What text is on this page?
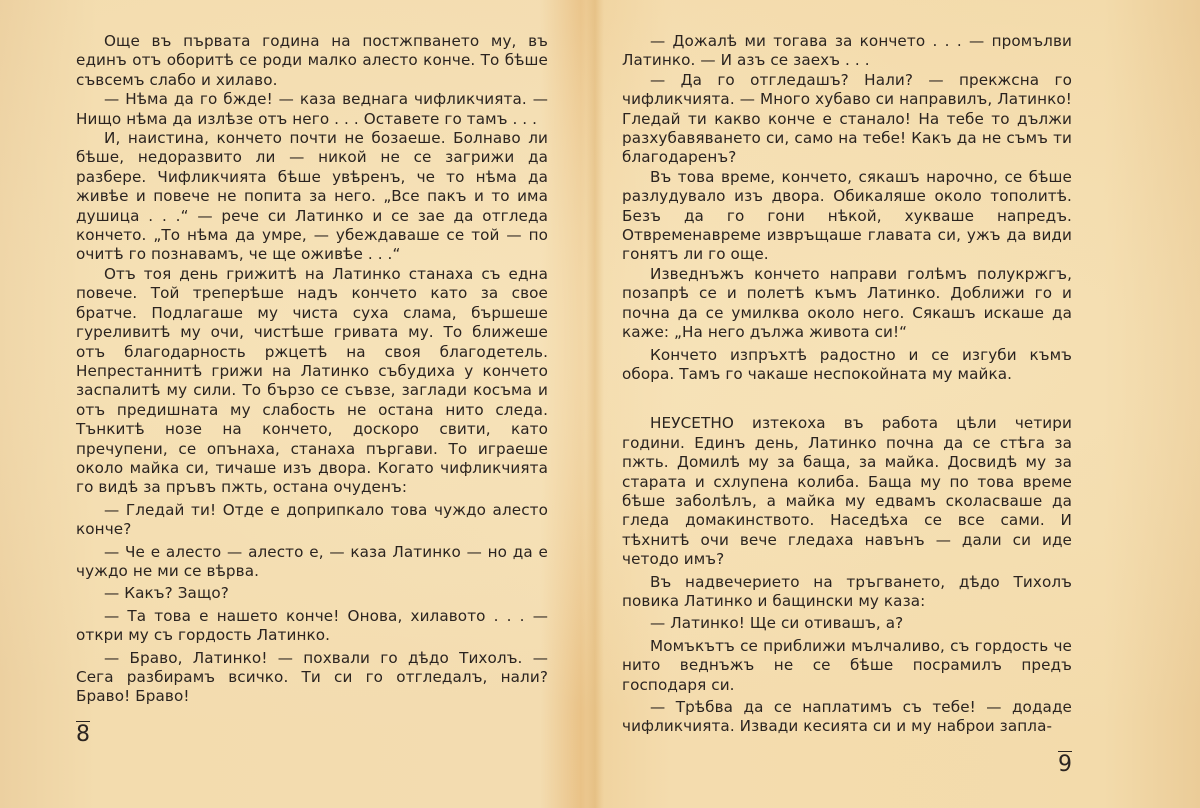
Още въ първата година на постжпването му, въ единъ отъ оборитѣ се роди малко алесто конче. То бѣше съвсемъ слабо и хилаво.

— Нѣма да го бжде! — каза веднага чифликчията. — Нищо нѣма да излѣзе отъ него . . . Оставете го тамъ . . .

И, наистина, кончето почти не бозаеше. Болнаво ли бѣше, недоразвито ли — никой не се загрижи да разбере. Чифликчията бѣше увѣренъ, че то нѣма да живѣе и повече не попита за него. „Все пакъ и то има душица . . .“ — рече си Латинко и се зае да отгледа кончето. „То нѣма да умре, — убеждаваше се той — по очитѣ го познавамъ, че ще оживѣе . . .“

Отъ тоя день грижитѣ на Латинко станаха съ една повече. Той треперѣше надъ кончето като за свое братче. Подлагаше му чиста суха слама, бършеше гурeливитѣ му очи, чистѣше гривата му. То ближеше отъ благодарность ржцетѣ на своя благодетель. Непрестаннитѣ грижи на Латинко събудиха у кончето заспалитѣ му сили. То бързо се съвзе, заглади косъма и отъ предишната му слабость не остана нито следа. Тънкитѣ нозе на кончето, доскоро свити, като пречупени, се опънаха, станаха пъргави. То играеше около майка си, тичаше изъ двора. Когато чифликчията го видѣ за пръвъ пжть, остана очуденъ:

— Гледай ти! Отде е доприпкало това чуждо алесто конче?

— Че е алесто — алесто е, — каза Латинко — но да е чуждо не ми се вѣрва.

— Какъ? Защо?

— Та това е нашето конче! Онова, хилавото . . . — откри му съ гордость Латинко.

— Браво, Латинко! — похвали го дѣдо Тихолъ. — Сега разбирамъ всичко. Ти си го отгледалъ, нали? Браво! Браво!

8

— Дожалѣ ми тогава за кончето . . . — промълви Латинко. — И азъ се заехъ . . .

— Да го отгледашъ? Нали? — прекжсна го чифликчията. — Много хубаво си направилъ, Латинко! Гледай ти какво конче е станало! На тебе то дължи разхубавяването си, само на тебе! Какъ да не съмъ ти благодаренъ?

Въ това време, кончето, сякашъ нарочно, се бѣше разлудувало изъ двора. Обикаляше около тополитѣ. Безъ да го гони нѣкой, хукваше напредъ. Отвременавреме извръщаше главата си, ужъ да види гонятъ ли го още.

Изведнъжъ кончето направи голѣмъ полукржгъ, позапрѣ се и полетѣ къмъ Латинко. Доближи го и почна да се умилква около него. Сякашъ искаше да каже: „На него дължа живота си!“

Кончето изпръхтѣ радостно и се изгуби къмъ обора. Тамъ го чакаше неспокойната му майка.

НЕУСЕТНО изтекоха въ работа цѣли четири години. Единъ день, Латинко почна да се стѣга за пжть. Домилѣ му за баща, за майка. Досвидѣ му за старата и схлупена колиба. Баща му по това време бѣше заболѣлъ, а майка му едвамъ сколасваше да гледа домакинството. Наседѣха се все сами. И тѣхнитѣ очи вече гледаха навънъ — дали си иде четодо имъ?

Въ надвечерието на тръгването, дѣдо Тихолъ повика Латинко и бащински му каза:

— Латинко! Ще си отивашъ, а?

Момъкътъ се приближи мълчаливо, съ гордость че нито веднъжъ не се бѣше посрамилъ предъ господаря си.

— Трѣбва да се наплатимъ съ тебе! — додаде чифликчията. Извади кесията си и му наброи запла-

9
